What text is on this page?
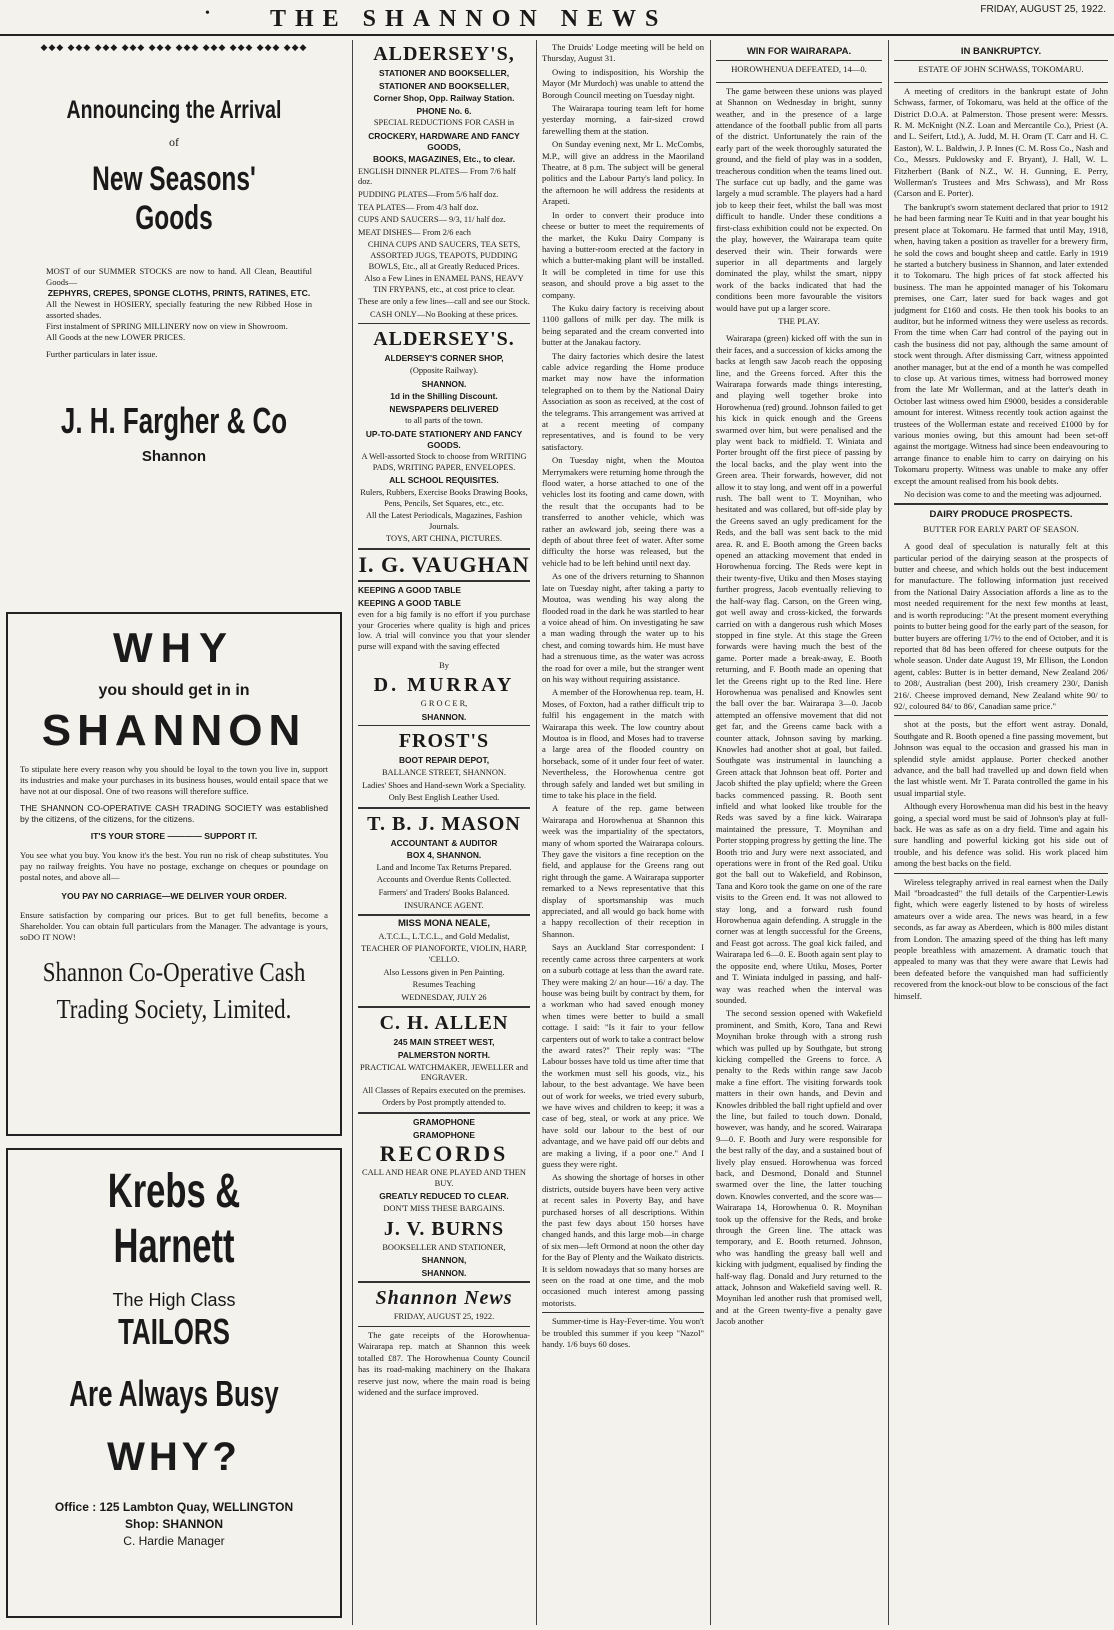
•	THE SHANNON NEWS	FRIDAY, AUGUST 25, 1922.
◆◆◆ ◆◆◆ ◆◆◆ ◆◆◆ ◆◆◆ ◆◆◆ ◆◆◆ ◆◆◆ ◆◆◆ ◆◆◆
Announcing the Arrival
of
New Seasons' Goods

MOST of our SUMMER STOCKS are now to hand. All Clean, Beautiful Goods—

ZEPHYRS, CREPES, SPONGE CLOTHS, PRINTS, RATINES, ETC.

All the Newest in HOSIERY, specially featuring the new Ribbed Hose in assorted shades.

First instalment of SPRING MILLINERY now on view in Showroom.

All Goods at the new LOWER PRICES.

Further particulars in later issue.

J. H. Fargher & Co
Shannon
WHY
you should get in in
SHANNON

To stipulate here every reason why you should be loyal to the town you live in, support its industries and make your purchases in its business houses, would entail space that we have not at our disposal. One of two reasons will therefore suffice.

THE SHANNON CO-OPERATIVE CASH TRADING SOCIETY was established by the citizens, of the citizens, for the citizens.

IT'S YOUR STORE ———— SUPPORT IT.

You see what you buy. You know it's the best. You run no risk of cheap substitutes. You pay no railway freights. You have no postage, exchange on cheques or poundage on postal notes, and above all—

YOU PAY NO CARRIAGE—WE DELIVER YOUR ORDER.

Ensure satisfaction by comparing our prices. But to get full benefits, become a Shareholder. You can obtain full particulars from the Manager. The advantage is yours, soDO IT NOW!

Shannon Co-Operative Cash
Trading Society, Limited.
Krebs & Harnett
The High Class
TAILORS
Are Always Busy
WHY?
Office : 125 Lambton Quay, WELLINGTON
Shop: SHANNON
C. Hardie Manager
ALDERSEY'S,
STATIONER AND BOOKSELLER,
STATIONER AND BOOKSELLER,
Corner Shop, Opp. Railway Station.
PHONE No. 6.
SPECIAL REDUCTIONS FOR CASH in
CROCKERY, HARDWARE AND FANCY GOODS,
BOOKS, MAGAZINES, Etc., to clear.
ENGLISH DINNER PLATES— From 7/6 half doz.
PUDDING PLATES—From 5/6 half doz.
TEA PLATES— From 4/3 half doz.
CUPS AND SAUCERS— 9/3, 11/ half doz.
MEAT DISHES— From 2/6 each
CHINA CUPS AND SAUCERS, TEA SETS, ASSORTED JUGS, TEAPOTS, PUDDING BOWLS, Etc., all at Greatly Reduced Prices.
Also a Few Lines in ENAMEL PANS, HEAVY TIN FRYPANS, etc., at cost price to clear.
These are only a few lines—call and see our Stock.
CASH ONLY—No Booking at these prices.
ALDERSEY'S.
ALDERSEY'S CORNER SHOP,
(Opposite Railway).
SHANNON.
1d in the Shilling Discount.
NEWSPAPERS DELIVERED
to all parts of the town.
UP-TO-DATE STATIONERY AND FANCY GOODS.
A Well-assorted Stock to choose from WRITING PADS, WRITING PAPER, ENVELOPES.
ALL SCHOOL REQUISITES.
Rulers, Rubbers, Exercise Books Drawing Books, Pens, Pencils, Set Squares, etc., etc.
All the Latest Periodicals, Magazines, Fashion Journals.
TOYS, ART CHINA, PICTURES.
I. G. VAUGHAN
KEEPING A GOOD TABLE
KEEPING A GOOD TABLE
even for a big family is no effort if you purchase your Groceries where quality is high and prices low. A trial will convince you that your slender purse will expand with the saving effected
By
D. MURRAY
G R O C E R,
SHANNON.
FROST'S
BOOT REPAIR DEPOT,
BALLANCE STREET, SHANNON.
Ladies' Shoes and Hand-sewn Work a Speciality.
Only Best English Leather Used.
T. B. J. MASON
ACCOUNTANT & AUDITOR
BOX 4, SHANNON.
Land and Income Tax Returns Prepared.
Accounts and Overdue Rents Collected.
Farmers' and Traders' Books Balanced.
INSURANCE AGENT.
MISS MONA NEALE,
A.T.C.L., L.T.C.L., and Gold Medalist,
TEACHER OF PIANOFORTE, VIOLIN, HARP, 'CELLO.
Also Lessons given in Pen Painting.
Resumes Teaching
WEDNESDAY, JULY 26
C. H. ALLEN
245 MAIN STREET WEST,
PALMERSTON NORTH.
PRACTICAL WATCHMAKER, JEWELLER and ENGRAVER.
All Classes of Repairs executed on the premises.
Orders by Post promptly attended to.
GRAMOPHONE
GRAMOPHONE
RECORDS
CALL AND HEAR ONE PLAYED AND THEN BUY.
GREATLY REDUCED TO CLEAR.
DON'T MISS THESE BARGAINS.
J. V. BURNS
BOOKSELLER AND STATIONER,
SHANNON,
SHANNON.
Shannon News
FRIDAY, AUGUST 25, 1922.

The gate receipts of the Horowhenua-Wairarapa rep. match at Shannon this week totalled £87. The Horowhenua County Council has its road-making machinery on the Ihakara reserve just now, where the main road is being widened and the surface improved.

The Druids' Lodge meeting will be held on Thursday, August 31.

Owing to indisposition, his Worship the Mayor (Mr Murdoch) was unable to attend the Borough Council meeting on Tuesday night.

The Wairarapa touring team left for home yesterday morning, a fair-sized crowd farewelling them at the station.

On Sunday evening next, Mr L. McCombs, M.P., will give an address in the Maoriland Theatre, at 8 p.m. The subject will be general politics and the Labour Party's land policy. In the afternoon he will address the residents at Arapeti.

In order to convert their produce into cheese or butter to meet the requirements of the market, the Kuku Dairy Company is having a butter-room erected at the factory in which a butter-making plant will be installed. It will be completed in time for use this season, and should prove a big asset to the company.

The Kuku dairy factory is receiving about 1100 gallons of milk per day. The milk is being separated and the cream converted into butter at the Janakau factory.

The dairy factories which desire the latest cable advice regarding the Home produce market may now have the information telegraphed on to them by the National Dairy Association as soon as received, at the cost of the telegrams. This arrangement was arrived at at a recent meeting of company representatives, and is found to be very satisfactory.

On Tuesday night, when the Moutoa Merrymakers were returning home through the flood water, a horse attached to one of the vehicles lost its footing and came down, with the result that the occupants had to be transferred to another vehicle, which was rather an awkward job, seeing there was a depth of about three feet of water. After some difficulty the horse was released, but the vehicle had to be left behind until next day.

As one of the drivers returning to Shannon late on Tuesday night, after taking a party to Moutoa, was wending his way along the flooded road in the dark he was startled to hear a voice ahead of him. On investigating he saw a man wading through the water up to his chest, and coming towards him. He must have had a strenuous time, as the water was across the road for over a mile, but the stranger went on his way without requiring assistance.

A member of the Horowhenua rep. team, H. Moses, of Foxton, had a rather difficult trip to fulfil his engagement in the match with Wairarapa this week. The low country about Moutoa is in flood, and Moses had to traverse a large area of the flooded country on horseback, some of it under four feet of water. Nevertheless, the Horowhenua centre got through safely and landed wet but smiling in time to take his place in the field.

A feature of the rep. game between Wairarapa and Horowhenua at Shannon this week was the impartiality of the spectators, many of whom sported the Wairarapa colours. They gave the visitors a fine reception on the field, and applause for the Greens rang out right through the game. A Wairarapa supporter remarked to a News representative that this display of sportsmanship was much appreciated, and all would go back home with a happy recollection of their reception in Shannon.

Says an Auckland Star correspondent: I recently came across three carpenters at work on a suburb cottage at less than the award rate. They were making 2/ an hour—16/ a day. The house was being built by contract by them, for a workman who had saved enough money when times were better to build a small cottage. I said: "Is it fair to your fellow carpenters out of work to take a contract below the award rates?" Their reply was: "The Labour bosses have told us time after time that the workmen must sell his goods, viz., his labour, to the best advantage. We have been out of work for weeks, we tried every suburb, we have wives and children to keep; it was a case of beg, steal, or work at any price. We have sold our labour to the best of our advantage, and we have paid off our debts and are making a living, if a poor one." And I guess they were right.

As showing the shortage of horses in other districts, outside buyers have been very active at recent sales in Poverty Bay, and have purchased horses of all descriptions. Within the past few days about 150 horses have changed hands, and this large mob—in charge of six men—left Ormond at noon the other day for the Bay of Plenty and the Waikato districts. It is seldom nowadays that so many horses are seen on the road at one time, and the mob occasioned much interest among passing motorists.

Summer-time is Hay-Fever-time. You won't be troubled this summer if you keep "Nazol" handy. 1/6 buys 60 doses.

WIN FOR WAIRARAPA.
HOROWHENUA DEFEATED, 14—0.

The game between these unions was played at Shannon on Wednesday in bright, sunny weather, and in the presence of a large attendance of the football public from all parts of the district. Unfortunately the rain of the early part of the week thoroughly saturated the ground, and the field of play was in a sodden, treacherous condition when the teams lined out. The surface cut up badly, and the game was largely a mud scramble. The players had a hard job to keep their feet, whilst the ball was most difficult to handle. Under these conditions a first-class exhibition could not be expected. On the play, however, the Wairarapa team quite deserved their win. Their forwards were superior in all departments and largely dominated the play, whilst the smart, nippy work of the backs indicated that had the conditions been more favourable the visitors would have put up a larger score.

THE PLAY.

Wairarapa (green) kicked off with the sun in their faces, and a succession of kicks among the backs at length saw Jacob reach the opposing line, and the Greens forced. After this the Wairarapa forwards made things interesting, and playing well together broke into Horowhenua (red) ground. Johnson failed to get his kick in quick enough and the Greens swarmed over him, but were penalised and the play went back to midfield. T. Winiata and Porter brought off the first piece of passing by the local backs, and the play went into the Green area. Their forwards, however, did not allow it to stay long, and went off in a powerful rush. The ball went to T. Moynihan, who hesitated and was collared, but off-side play by the Greens saved an ugly predicament for the Reds, and the ball was sent back to the mid area. R. and E. Booth among the Green backs opened an attacking movement that ended in Horowhenua forcing. The Reds were kept in their twenty-five, Utiku and then Moses staying further progress, Jacob eventually relieving to the half-way flag. Carson, on the Green wing, got well away and cross-kicked, the forwards carried on with a dangerous rush which Moses stopped in fine style. At this stage the Green forwards were having much the best of the game. Porter made a break-away, E. Booth returning, and F. Booth made an opening that let the Greens right up to the Red line. Here Horowhenua was penalised and Knowles sent the ball over the bar. Wairarapa 3—0. Jacob attempted an offensive movement that did not get far, and the Greens came back with a counter attack, Johnson saving by marking. Knowles had another shot at goal, but failed. Southgate was instrumental in launching a Green attack that Johnson beat off. Porter and Jacob shifted the play upfield; where the Green backs commenced passing. R. Booth sent infield and what looked like trouble for the Reds was saved by a fine kick. Wairarapa maintained the pressure, T. Moynihan and Porter stopping progress by getting the line. The Booth trio and Jury were next associated, and operations were in front of the Red goal. Utiku got the ball out to Wakefield, and Robinson, Tana and Koro took the game on one of the rare visits to the Green end. It was not allowed to stay long, and a forward rush found Horowhenua again defending. A struggle in the corner was at length successful for the Greens, and Feast got across. The goal kick failed, and Wairarapa led 6—0. E. Booth again sent play to the opposite end, where Utiku, Moses, Porter and T. Winiata indulged in passing, and half-way was reached when the interval was sounded.

The second session opened with Wakefield prominent, and Smith, Koro, Tana and Rewi Moynihan broke through with a strong rush which was pulled up by Southgate, but strong kicking compelled the Greens to force. A penalty to the Reds within range saw Jacob make a fine effort. The visiting forwards took matters in their own hands, and Devin and Knowles dribbled the ball right upfield and over the line, but failed to touch down. Donald, however, was handy, and he scored. Wairarapa 9—0. F. Booth and Jury were responsible for the best rally of the day, and a sustained bout of lively play ensued. Horowhenua was forced back, and Desmond, Donald and Stunnel swarmed over the line, the latter touching down. Knowles converted, and the score was—Wairarapa 14, Horowhenua 0. R. Moynihan took up the offensive for the Reds, and broke through the Green line. The attack was temporary, and E. Booth returned. Johnson, who was handling the greasy ball well and kicking with judgment, equalised by finding the half-way flag. Donald and Jury returned to the attack, Johnson and Wakefield saving well. R. Moynihan led another rush that promised well, and at the Green twenty-five a penalty gave Jacob another

IN BANKRUPTCY.
ESTATE OF JOHN SCHWASS, TOKOMARU.

A meeting of creditors in the bankrupt estate of John Schwass, farmer, of Tokomaru, was held at the office of the District D.O.A. at Palmerston. Those present were: Messrs. R. M. McKnight (N.Z. Loan and Mercantile Co.), Priest (A. and L. Seifert, Ltd.), A. Judd, M. H. Oram (T. Carr and H. C. Easton), W. L. Baldwin, J. P. Innes (C. M. Ross Co., Nash and Co., Messrs. Puklowsky and F. Bryant), J. Hall, W. L. Fitzherbert (Bank of N.Z., W. H. Gunning, E. Perry, Wollerman's Trustees and Mrs Schwass), and Mr Ross (Carson and E. Porter).

The bankrupt's sworn statement declared that prior to 1912 he had been farming near Te Kuiti and in that year bought his present place at Tokomaru. He farmed that until May, 1918, when, having taken a position as traveller for a brewery firm, he sold the cows and bought sheep and cattle. Early in 1919 he started a butchery business in Shannon, and later extended it to Tokomaru. The high prices of fat stock affected his business. The man he appointed manager of his Tokomaru premises, one Carr, later sued for back wages and got judgment for £160 and costs. He then took his books to an auditor, but he informed witness they were useless as records. From the time when Carr had control of the paying out in cash the business did not pay, although the same amount of stock went through. After dismissing Carr, witness appointed another manager, but at the end of a month he was compelled to close up. At various times, witness had borrowed money from the late Mr Wollerman, and at the latter's death in October last witness owed him £9000, besides a considerable amount for interest. Witness recently took action against the trustees of the Wollerman estate and received £1000 by for various monies owing, but this amount had been set-off against the mortgage. Witness had since been endeavouring to arrange finance to enable him to carry on dairying on his Tokomaru property. Witness was unable to make any offer except the amount realised from his book debts.

No decision was come to and the meeting was adjourned.

DAIRY PRODUCE PROSPECTS.
BUTTER FOR EARLY PART OF SEASON.

A good deal of speculation is naturally felt at this particular period of the dairying season at the prospects of butter and cheese, and which holds out the best inducement for manufacture. The following information just received from the National Dairy Association affords a line as to the most needed requirement for the next few months at least, and is worth reproducing: "At the present moment everything points to butter being good for the early part of the season, for butter buyers are offering 1/7½ to the end of October, and it is reported that 8d has been offered for cheese outputs for the whole season. Under date August 19, Mr Ellison, the London agent, cables: Butter is in better demand, New Zealand 206/ to 208/, Australian (best 200), Irish creamery 230/, Danish 216/. Cheese improved demand, New Zealand white 90/ to 92/, coloured 84/ to 86/, Canadian same price."

shot at the posts, but the effort went astray. Donald, Southgate and R. Booth opened a fine passing movement, but Johnson was equal to the occasion and grassed his man in splendid style amidst applause. Porter checked another advance, and the ball had travelled up and down field when the last whistle went. Mr T. Parata controlled the game in his usual impartial style.

Although every Horowhenua man did his best in the heavy going, a special word must be said of Johnson's play at full-back. He was as safe as on a dry field. Time and again his sure handling and powerful kicking got his side out of trouble, and his defence was solid. His work placed him among the best backs on the field.

Wireless telegraphy arrived in real earnest when the Daily Mail "broadcasted" the full details of the Carpentier-Lewis fight, which were eagerly listened to by hosts of wireless amateurs over a wide area. The news was heard, in a few seconds, as far away as Aberdeen, which is 800 miles distant from London. The amazing speed of the thing has left many people breathless with amazement. A dramatic touch that appealed to many was that they were aware that Lewis had been defeated before the vanquished man had sufficiently recovered from the knock-out blow to be conscious of the fact himself.
